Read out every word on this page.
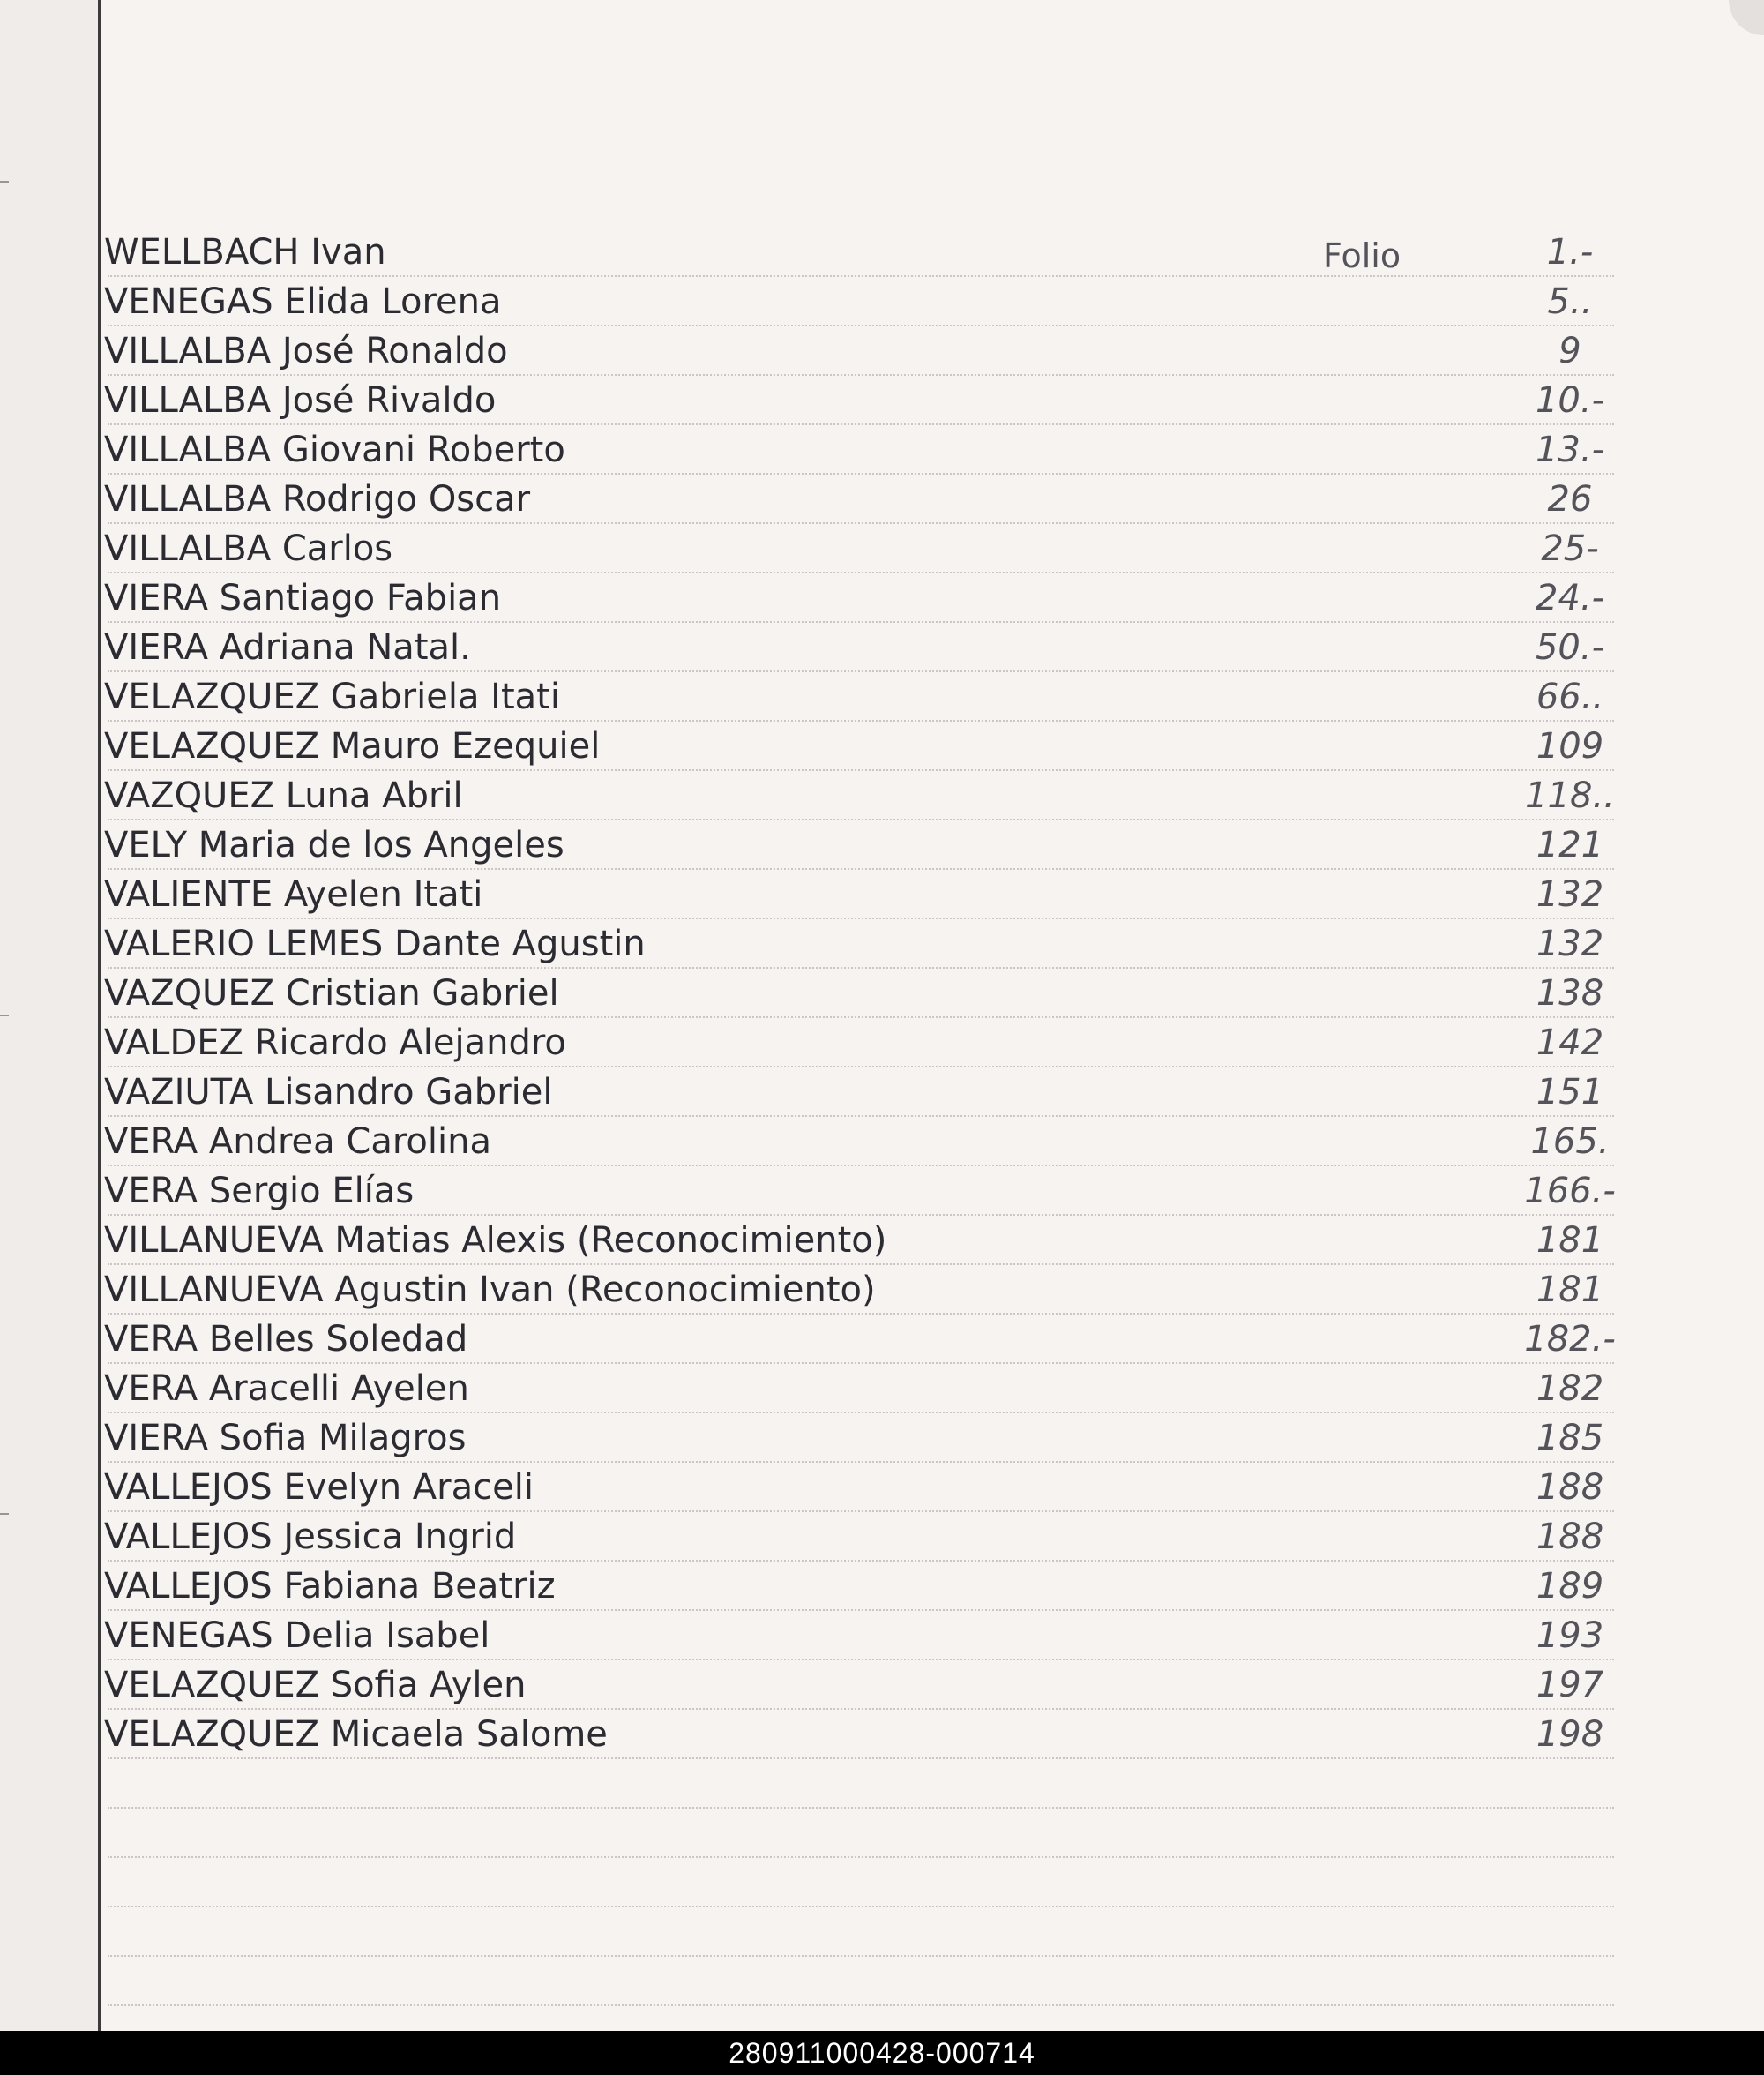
Folio
WELLBACH Ivan	1.-
VENEGAS Elida Lorena	5..
VILLALBA José Ronaldo	9
VILLALBA José Rivaldo	10.-
VILLALBA Giovani Roberto	13.-
VILLALBA Rodrigo Oscar	26
VILLALBA Carlos	25-
VIERA Santiago Fabian	24.-
VIERA Adriana Natal.	50.-
VELAZQUEZ Gabriela Itati	66..
VELAZQUEZ Mauro Ezequiel	109
VAZQUEZ Luna Abril	118..
VELY Maria de los Angeles	121
VALIENTE Ayelen Itati	132
VALERIO LEMES Dante Agustin	132
VAZQUEZ Cristian Gabriel	138
VALDEZ Ricardo Alejandro	142
VAZIUTA Lisandro Gabriel	151
VERA Andrea Carolina	165.
VERA Sergio Elías	166.-
VILLANUEVA Matias Alexis (Reconocimiento)	181
VILLANUEVA Agustin Ivan (Reconocimiento)	181
VERA Belles Soledad	182.-
VERA Aracelli Ayelen	182
VIERA Sofia Milagros	185
VALLEJOS Evelyn Araceli	188
VALLEJOS Jessica Ingrid	188
VALLEJOS Fabiana Beatriz	189
VENEGAS Delia Isabel	193
VELAZQUEZ Sofia Aylen	197
VELAZQUEZ Micaela Salome	198
280911000428-000714
